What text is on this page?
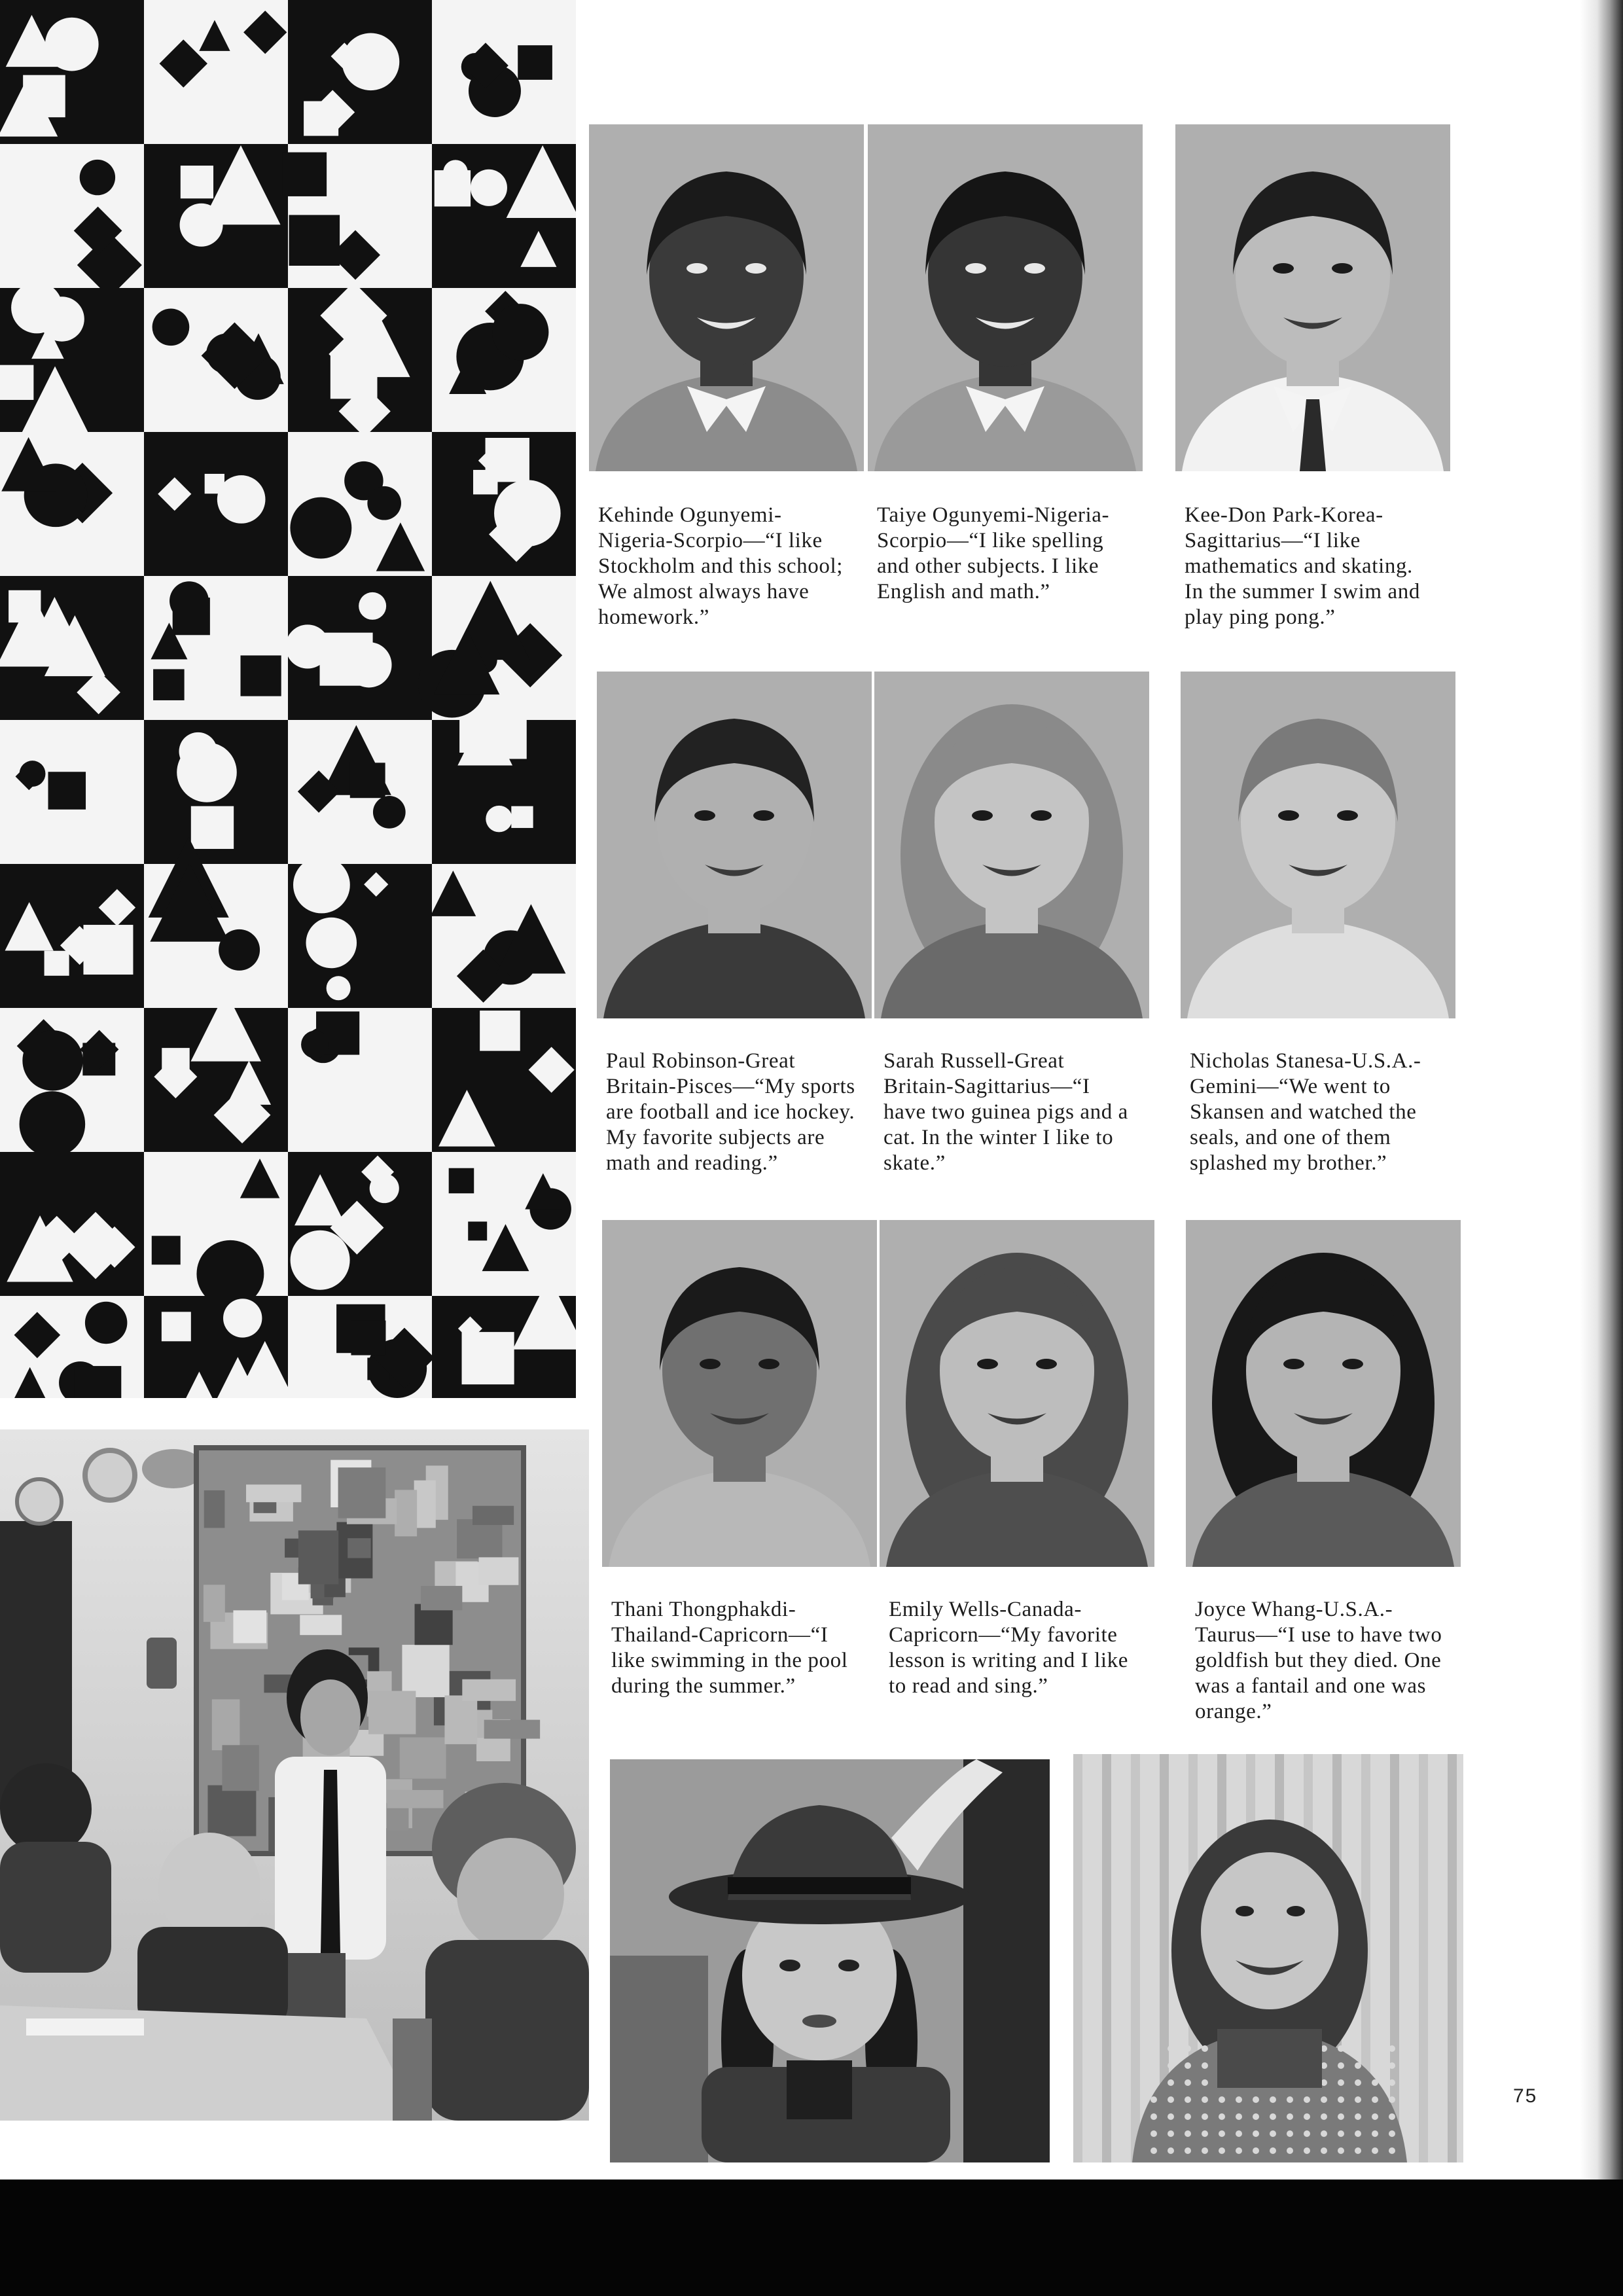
Kehinde Ogunyemi-
Nigeria-Scorpio—“I like
Stockholm and this school;
We almost always have
homework.”
Taiye Ogunyemi-Nigeria-
Scorpio—“I like spelling
and other subjects. I like
English and math.”
Kee-Don Park-Korea-
Sagittarius—“I like
mathematics and skating.
In the summer I swim and
play ping pong.”
Paul Robinson-Great
Britain-Pisces—“My sports
are football and ice hockey.
My favorite subjects are
math and reading.”
Sarah Russell-Great
Britain-Sagittarius—“I
have two guinea pigs and a
cat. In the winter I like to
skate.”
Nicholas Stanesa-U.S.A.-
Gemini—“We went to
Skansen and watched the
seals, and one of them
splashed my brother.”
Thani Thongphakdi-
Thailand-Capricorn—“I
like swimming in the pool
during the summer.”
Emily Wells-Canada-
Capricorn—“My favorite
lesson is writing and I like
to read and sing.”
Joyce Whang-U.S.A.-
Taurus—“I use to have two
goldfish but they died. One
was a fantail and one was
orange.”
75
